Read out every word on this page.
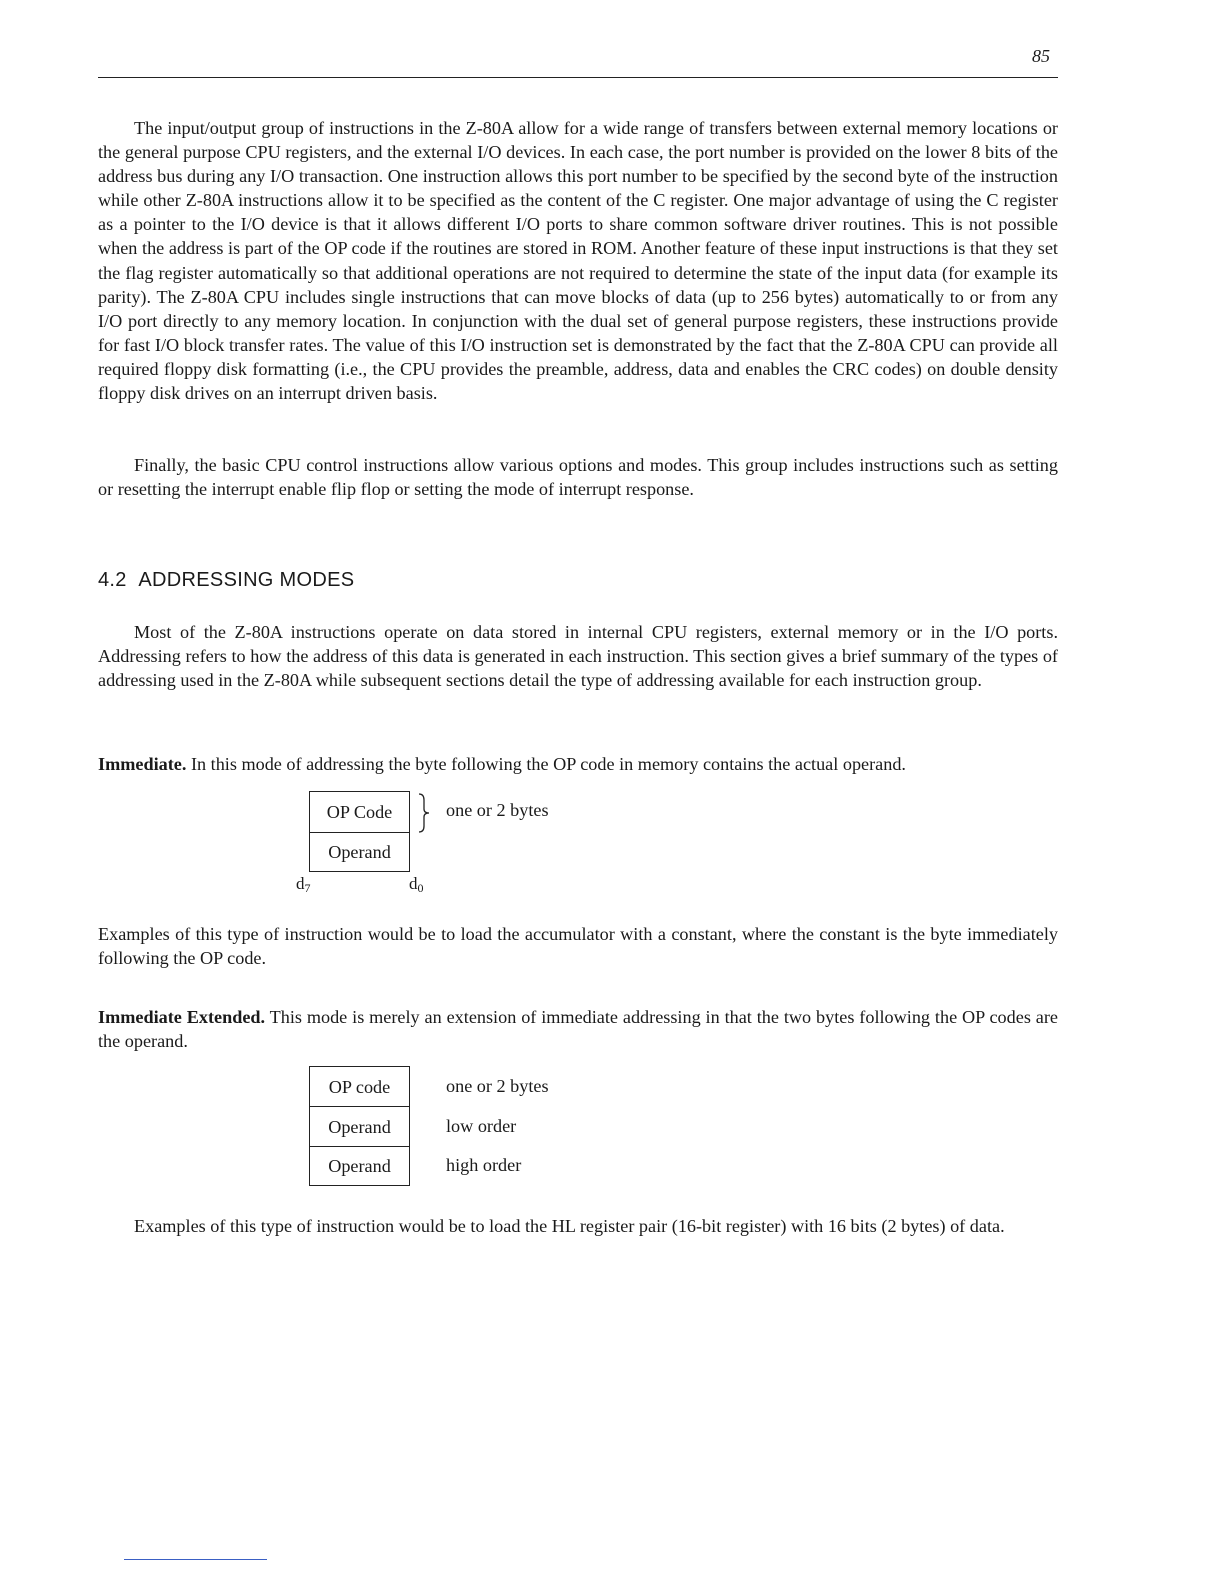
85

The input/output group of instructions in the Z-80A allow for a wide range of transfers between external memory locations or the general purpose CPU registers, and the external I/O devices. In each case, the port number is provided on the lower 8 bits of the address bus during any I/O transaction. One instruction allows this port number to be specified by the second byte of the instruction while other Z-80A instructions allow it to be specified as the content of the C register. One major advantage of using the C register as a pointer to the I/O device is that it allows different I/O ports to share common software driver routines. This is not possible when the address is part of the OP code if the routines are stored in ROM. Another feature of these input instructions is that they set the flag register automatically so that additional operations are not required to determine the state of the input data (for example its parity). The Z-80A CPU includes single instructions that can move blocks of data (up to 256 bytes) automatically to or from any I/O port directly to any memory location. In conjunction with the dual set of general purpose registers, these instructions provide for fast I/O block transfer rates. The value of this I/O instruction set is demonstrated by the fact that the Z-80A CPU can provide all required floppy disk formatting (i.e., the CPU provides the preamble, address, data and enables the CRC codes) on double density floppy disk drives on an interrupt driven basis.

Finally, the basic CPU control instructions allow various options and modes. This group includes instructions such as setting or resetting the interrupt enable flip flop or setting the mode of interrupt response.

4.2 ADDRESSING MODES

Most of the Z-80A instructions operate on data stored in internal CPU registers, external memory or in the I/O ports. Addressing refers to how the address of this data is generated in each instruction. This section gives a brief summary of the types of addressing used in the Z-80A while subsequent sections detail the type of addressing available for each instruction group.

Immediate. In this mode of addressing the byte following the OP code in memory contains the actual operand.

OP Code
Operand
one or 2 bytes
$d_7$	$d_0$

Examples of this type of instruction would be to load the accumulator with a constant, where the constant is the byte immediately following the OP code.

Immediate Extended. This mode is merely an extension of immediate addressing in that the two bytes following the OP codes are the operand.

OP code
Operand
Operand
one or 2 bytes
low order
high order

Examples of this type of instruction would be to load the HL register pair (16-bit register) with 16 bits (2 bytes) of data.
